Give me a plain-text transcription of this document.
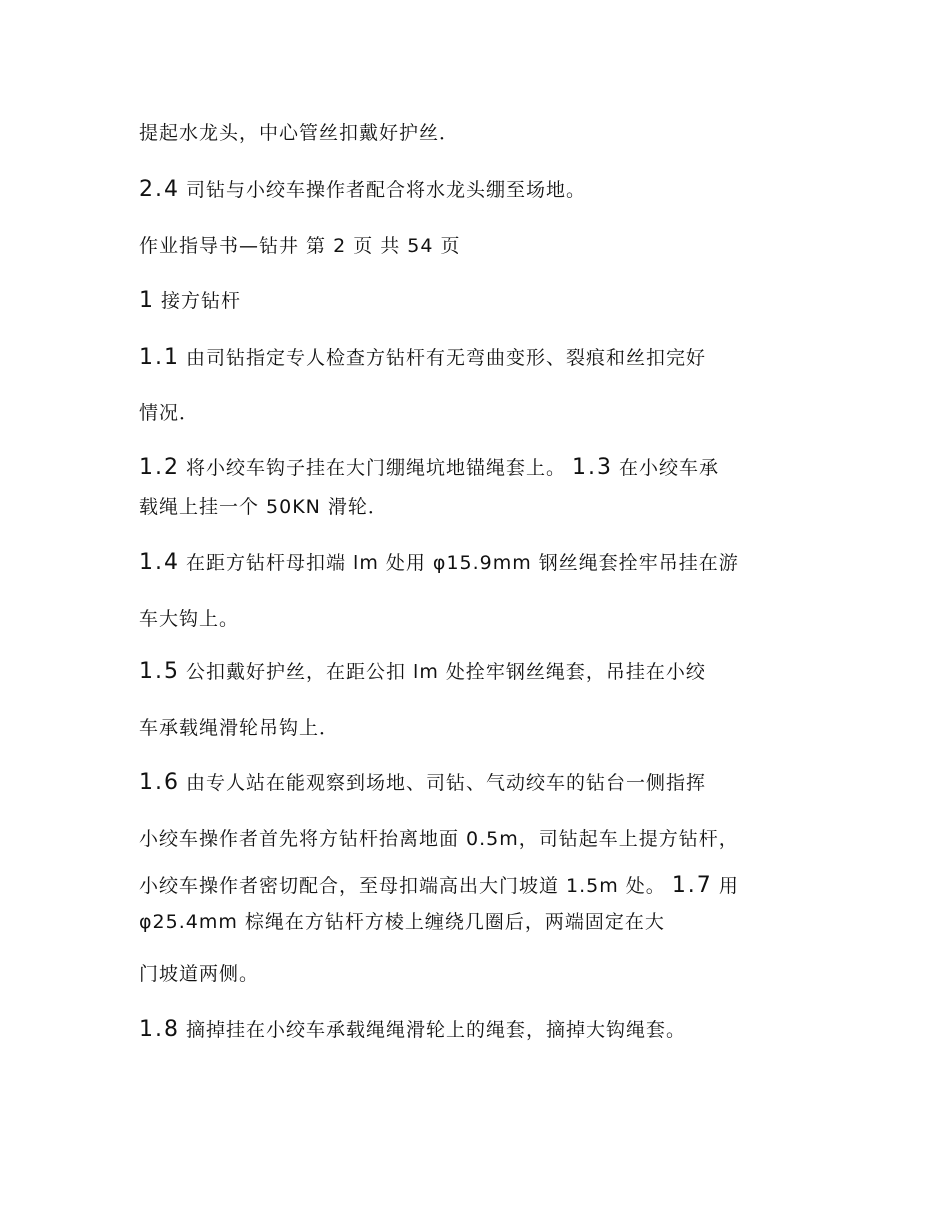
提起水龙头，中心管丝扣戴好护丝．
2.4 司钻与小绞车操作者配合将水龙头绷至场地。
作业指导书—钻井 第 2 页 共 54 页
1 接方钻杆
1.1 由司钻指定专人检查方钻杆有无弯曲变形、裂痕和丝扣完好
情况．
1.2 将小绞车钩子挂在大门绷绳坑地锚绳套上。 1.3 在小绞车承
载绳上挂一个 50KN 滑轮．
1.4 在距方钻杆母扣端 lm 处用 φ15.9mm 钢丝绳套拴牢吊挂在游
车大钩上。
1.5 公扣戴好护丝，在距公扣 lm 处拴牢钢丝绳套，吊挂在小绞
车承载绳滑轮吊钩上．
1.6 由专人站在能观察到场地、司钻、气动绞车的钻台一侧指挥
小绞车操作者首先将方钻杆抬离地面 0.5m，司钻起车上提方钻杆，
小绞车操作者密切配合，至母扣端高出大门坡道 1.5m 处。 1.7 用
φ25.4mm 棕绳在方钻杆方棱上缠绕几圈后，两端固定在大
门坡道两侧。
1.8 摘掉挂在小绞车承载绳绳滑轮上的绳套，摘掉大钩绳套。
